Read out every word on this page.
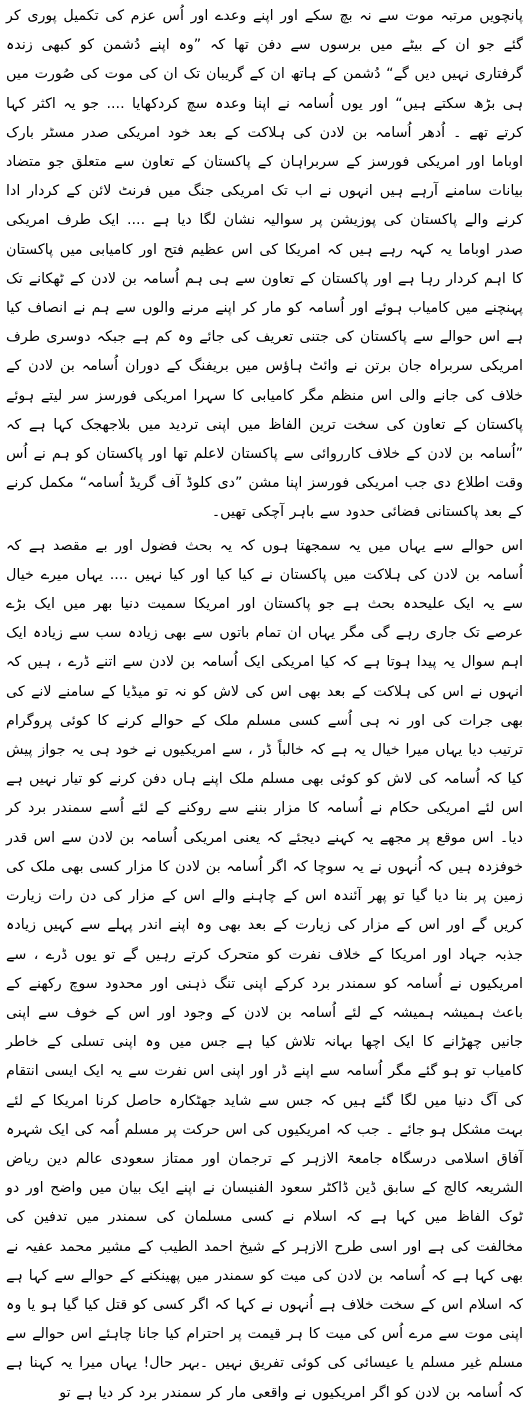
پانچویں مرتبہ موت سے نہ بچ سکے اور اپنے وعدے اور اُس عزم کی تکمیل پوری کر گئے جو ان کے بیٹے میں برسوں سے دفن تھا کہ ”وہ اپنے دُشمن کو کبھی زندہ گرفتاری نہیں دیں گے“ دُشمن کے ہاتھ ان کے گریبان تک ان کی موت کی صُورت میں ہی بڑھ سکتے ہیں“ اور یوں اُسامہ نے اپنا وعدہ سچ کردکھایا .... جو یہ اکثر کہا کرتے تھے ۔ اُدھر اُسامہ بن لادن کی ہلاکت کے بعد خود امریکی صدر مسٹر بارک اوباما اور امریکی فورسز کے سربراہان کے پاکستان کے تعاون سے متعلق جو متضاد بیانات سامنے آرہے ہیں انہوں نے اب تک امریکی جنگ میں فرنٹ لائن کے کردار ادا کرنے والے پاکستان کی پوزیشن پر سوالیہ نشان لگا دیا ہے .... ایک طرف امریکی صدر اوباما یہ کہہ رہے ہیں کہ امریکا کی اس عظیم فتح اور کامیابی میں پاکستان کا اہم کردار رہا ہے اور پاکستان کے تعاون سے ہی ہم اُسامہ بن لادن کے ٹھکانے تک پہنچنے میں کامیاب ہوئے اور اُسامہ کو مار کر اپنے مرنے والوں سے ہم نے انصاف کیا ہے اس حوالے سے پاکستان کی جتنی تعریف کی جائے وہ کم ہے جبکہ دوسری طرف امریکی سربراہ جان برتن نے وائٹ ہاؤس میں بریفنگ کے دوران اُسامہ بن لادن کے خلاف کی جانے والی اس منظم مگر کامیابی کا سہرا امریکی فورسز سر لیتے ہوئے پاکستان کے تعاون کی سخت ترین الفاظ میں اپنی تردید میں بلاجھجک کہا ہے کہ ”اُسامہ بن لادن کے خلاف کارروائی سے پاکستان لاعلم تھا اور پاکستان کو ہم نے اُس وقت اطلاع دی جب امریکی فورسز اپنا مشن ”دی کلوڈ آف گریڈ اُسامہ“ مکمل کرنے کے بعد پاکستانی فضائی حدود سے باہر آچکی تھیں۔

اس حوالے سے یہاں میں یہ سمجھتا ہوں کہ یہ بحث فضول اور بے مقصد ہے کہ اُسامہ بن لادن کی ہلاکت میں پاکستان نے کیا کیا اور کیا نہیں .... یہاں میرے خیال سے یہ ایک علیحدہ بحث ہے جو پاکستان اور امریکا سمیت دنیا بھر میں ایک بڑے عرصے تک جاری رہے گی مگر یہاں ان تمام باتوں سے بھی زیادہ سب سے زیادہ ایک اہم سوال یہ پیدا ہوتا ہے کہ کیا امریکی ایک اُسامہ بن لادن سے اتنے ڈرے ، ہیں کہ انہوں نے اس کی ہلاکت کے بعد بھی اس کی لاش کو نہ تو میڈیا کے سامنے لانے کی بھی جرات کی اور نہ ہی اُسے کسی مسلم ملک کے حوالے کرنے کا کوئی پروگرام ترتیب دیا یہاں میرا خیال یہ ہے کہ خالباً ڈر ، سے امریکیوں نے خود ہی یہ جواز پیش کیا کہ اُسامہ کی لاش کو کوئی بھی مسلم ملک اپنے ہاں دفن کرنے کو تیار نہیں ہے اس لئے امریکی حکام نے اُسامہ کا مزار بننے سے روکنے کے لئے اُسے سمندر برد کر دیا۔ اس موقع پر مجھے یہ کہنے دیجئے کہ یعنی امریکی اُسامہ بن لادن سے اس قدر خوفزدہ ہیں کہ اُنہوں نے یہ سوچا کہ اگر اُسامہ بن لادن کا مزار کسی بھی ملک کی زمین پر بنا دیا گیا تو پھر آئندہ اس کے چاہنے والے اس کے مزار کی دن رات زیارت کریں گے اور اس کے مزار کی زیارت کے بعد بھی وہ اپنے اندر پہلے سے کہیں زیادہ جذبہ جہاد اور امریکا کے خلاف نفرت کو متحرک کرتے رہیں گے تو یوں ڈرے ، سے امریکیوں نے اُسامہ کو سمندر برد کرکے اپنی تنگ ذہنی اور محدود سوچ رکھنے کے باعث ہمیشہ ہمیشہ کے لئے اُسامہ بن لادن کے وجود اور اس کے خوف سے اپنی جانیں چھڑانے کا ایک اچھا بہانہ تلاش کیا ہے جس میں وہ اپنی تسلی کے خاطر کامیاب تو ہو گئے مگر اُسامہ سے اپنے ڈر اور اپنی اس نفرت سے یہ ایک ایسی انتقام کی آگ دنیا میں لگا گئے ہیں کہ جس سے شاید جھٹکارہ حاصل کرنا امریکا کے لئے بہت مشکل ہو جائے ۔ جب کہ امریکیوں کی اس حرکت پر مسلم اُمہ کی ایک شہرہ آفاق اسلامی درسگاہ جامعۃ الازہر کے ترجمان اور ممتاز سعودی عالم دین ریاض الشریعہ کالج کے سابق ڈین ڈاکٹر سعود الفنیسان نے اپنے ایک بیان میں واضح اور دو ٹوک الفاظ میں کہا ہے کہ اسلام نے کسی مسلمان کی سمندر میں تدفین کی مخالفت کی ہے اور اسی طرح الازہر کے شیخ احمد الطیب کے مشیر محمد عفیہ نے بھی کہا ہے کہ اُسامہ بن لادن کی میت کو سمندر میں پھینکنے کے حوالے سے کہا ہے کہ اسلام اس کے سخت خلاف ہے اُنہوں نے کہا کہ اگر کسی کو قتل کیا گیا ہو یا وہ اپنی موت سے مرے اُس کی میت کا ہر قیمت پر احترام کیا جانا چاہئے اس حوالے سے مسلم غیر مسلم یا عیسائی کی کوئی تفریق نہیں ۔بہر حال! یہاں میرا یہ کہنا ہے کہ اُسامہ بن لادن کو اگر امریکیوں نے واقعی مار کر سمندر برد کر دیا ہے تو
